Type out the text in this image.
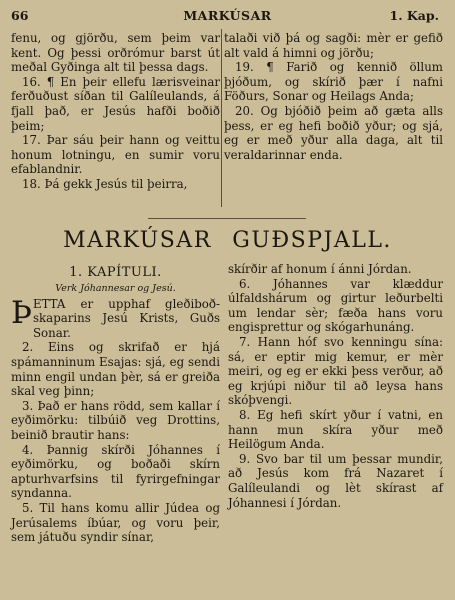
66	MARKÚSAR	1. Kap.

fenu, og gjörðu, sem þeim var kent. Og þessi orðrómur barst út meðal Gyðinga alt til þessa dags.

16. ¶ En þeir ellefu lærisveinar ferðuðust síðan til Galíleulands, á fjall það, er Jesús hafði boðið þeim;

17. Þar sáu þeir hann og veittu honum lotningu, en sumir voru efablandnir.

18. Þá gekk Jesús til þeirra,

talaði við þá og sagði: mèr er gefið alt vald á himni og jörðu;

19. ¶ Farið og kennið öllum þjóðum, og skírið þær í nafni Föðurs, Sonar og Heilags Anda;

20. Og bjóðið þeim að gæta alls þess, er eg hefi boðið yður; og sjá, eg er með yður alla daga, alt til veraldarinnar enda.

MARKÚSAR GUÐSPJALL.
1. KAPÍTULI.
Verk Jóhannesar og Jesú.

ÞETTA er upphaf gleðiboðskaparins Jesú Krists, Guðs Sonar.

2. Eins og skrifað er hjá spámanninum Esajas: sjá, eg sendi minn engil undan þèr, sá er greiða skal veg þinn;

3. Það er hans rödd, sem kallar í eyðimörku: tilbúið veg Drottins, beinið brautir hans:

4. Þannig skírði Jóhannes í eyðimörku, og boðaði skírn apturhvarfsins til fyrirgefningar syndanna.

5. Til hans komu allir Júdea og Jerúsalems íbúar, og voru þeir, sem játuðu syndir sínar,

skírðir af honum í ánni Jórdan.

6. Jóhannes var klæddur úlfaldshárum og girtur leðurbelti um lendar sèr; fæða hans voru engisprettur og skógarhunáng.

7. Hann hóf svo kenningu sína: sá, er eptir mig kemur, er mèr meiri, og eg er ekki þess verður, að eg krjúpi niður til að leysa hans skóþvengi.

8. Eg hefi skírt yður í vatni, en hann mun skíra yður með Heilögum Anda.

9. Svo bar til um þessar mundir, að Jesús kom frá Nazaret í Galíleulandi og lèt skírast af Jóhannesi í Jórdan.
